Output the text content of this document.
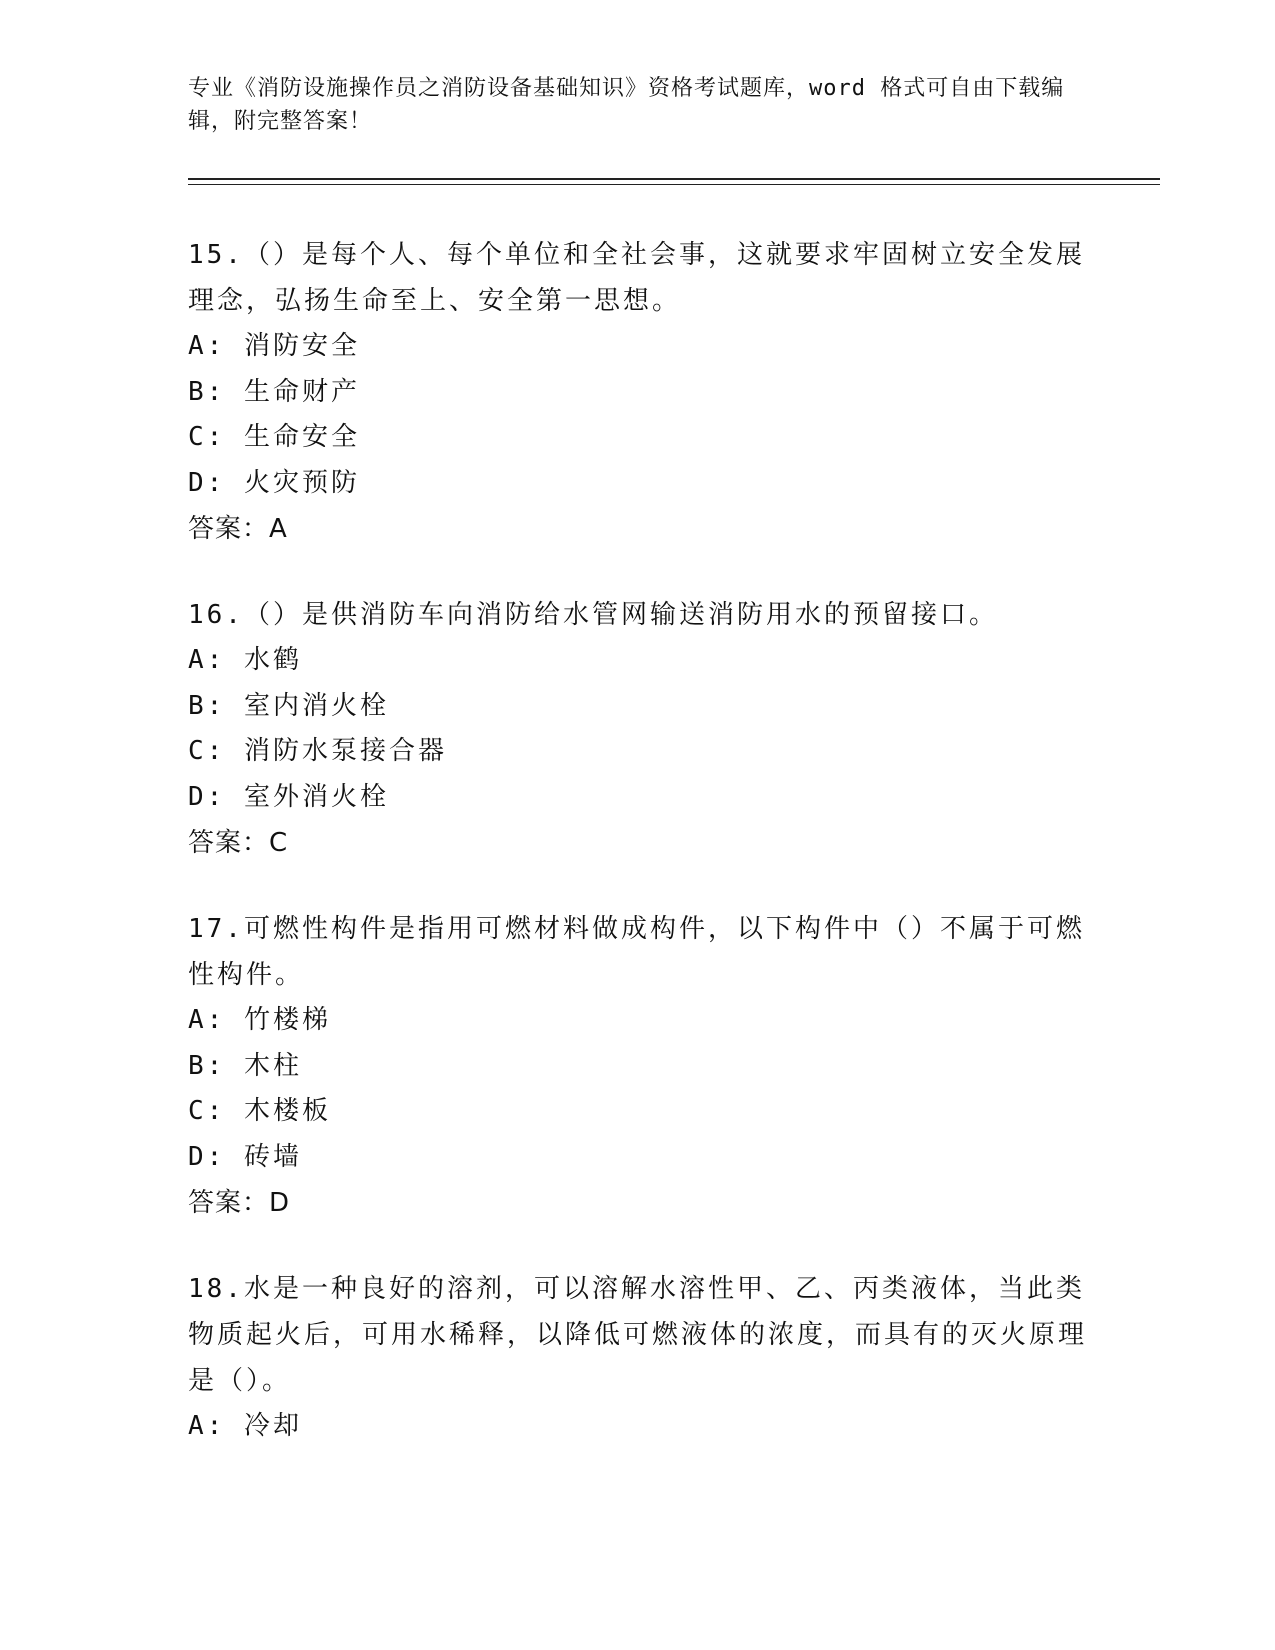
专业《消防设施操作员之消防设备基础知识》资格考试题库，word 格式可自由下载编辑，附完整答案！

15.（）是每个人、每个单位和全社会事，这就要求牢固树立安全发展理念，弘扬生命至上、安全第一思想。

A: 消防安全

B: 生命财产

C: 生命安全

D: 火灾预防

答案：A

16.（）是供消防车向消防给水管网输送消防用水的预留接口。

A: 水鹤

B: 室内消火栓

C: 消防水泵接合器

D: 室外消火栓

答案：C

17.可燃性构件是指用可燃材料做成构件，以下构件中（）不属于可燃性构件。

A: 竹楼梯

B: 木柱

C: 木楼板

D: 砖墙

答案：D

18.水是一种良好的溶剂，可以溶解水溶性甲、乙、丙类液体，当此类物质起火后，可用水稀释，以降低可燃液体的浓度，而具有的灭火原理是（）。

A: 冷却
